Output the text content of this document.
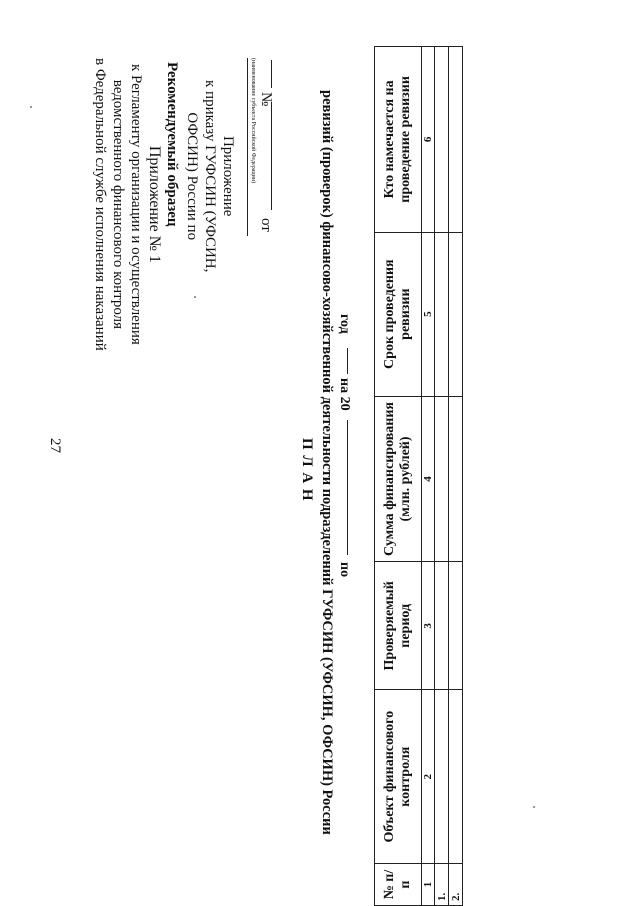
27
Приложение № 1
к Регламенту организации и осуществления
ведомственного финансового контроля
в Федеральной службе исполнения наказаний	Рекомендуемый образец	Приложение
к приказу ГУФСИН (УФСИН,
ОФСИН) России по	(наименование субъекта Российской Федерации)
от
№
П Л А Н ревизий (проверок) финансово-хозяйственной деятельности подразделений ГУФСИН (УФСИН, ОФСИН) России по
на 20
год
№ п/п	Объект финансового контроля	Проверяемый период	Сумма финансирования (млн. рублей)	Срок проведения ревизии	Кто намечается на проведение ревизии
1	2	3	4	5	6
1.					
2.					
